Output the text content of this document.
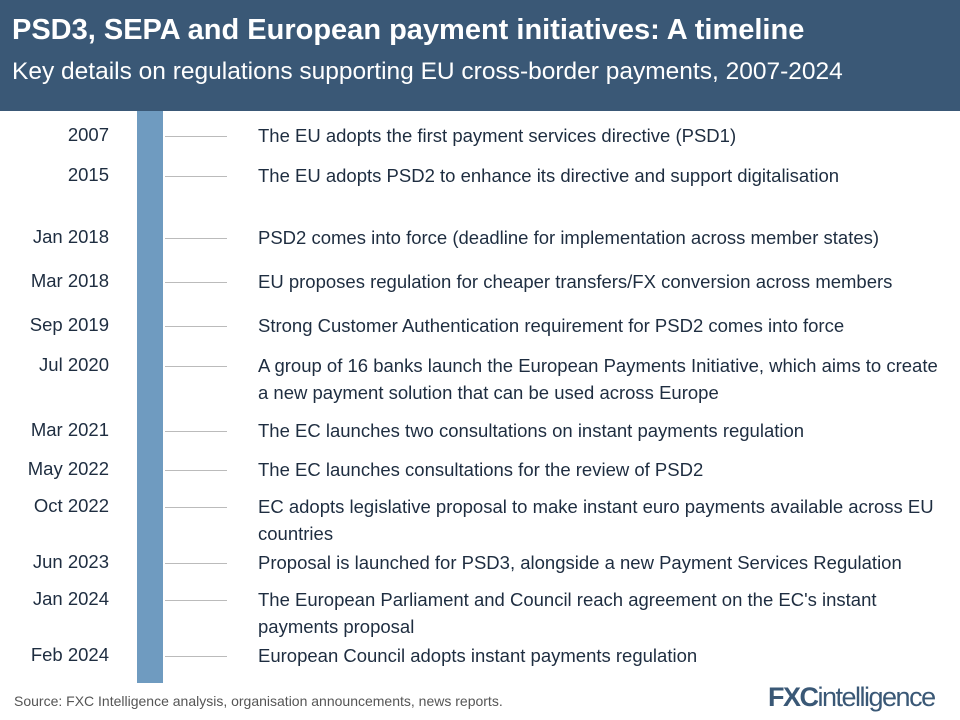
PSD3, SEPA and European payment initiatives: A timeline
Key details on regulations supporting EU cross-border payments, 2007-2024
2007	The EU adopts the first payment services directive (PSD1)
2015	The EU adopts PSD2 to enhance its directive and support digitalisation
Jan 2018	PSD2 comes into force (deadline for implementation across member states)
Mar 2018	EU proposes regulation for cheaper transfers/FX conversion across members
Sep 2019	Strong Customer Authentication requirement for PSD2 comes into force
Jul 2020	A group of 16 banks launch the European Payments Initiative, which aims to create a new payment solution that can be used across Europe
Mar 2021	The EC launches two consultations on instant payments regulation
May 2022	The EC launches consultations for the review of PSD2
Oct 2022	EC adopts legislative proposal to make instant euro payments available across EU countries
Jun 2023	Proposal is launched for PSD3, alongside a new Payment Services Regulation
Jan 2024	The European Parliament and Council reach agreement on the EC's instant payments proposal
Feb 2024	European Council adopts instant payments regulation
Source: FXC Intelligence analysis, organisation announcements, news reports.	FXCintelligence
